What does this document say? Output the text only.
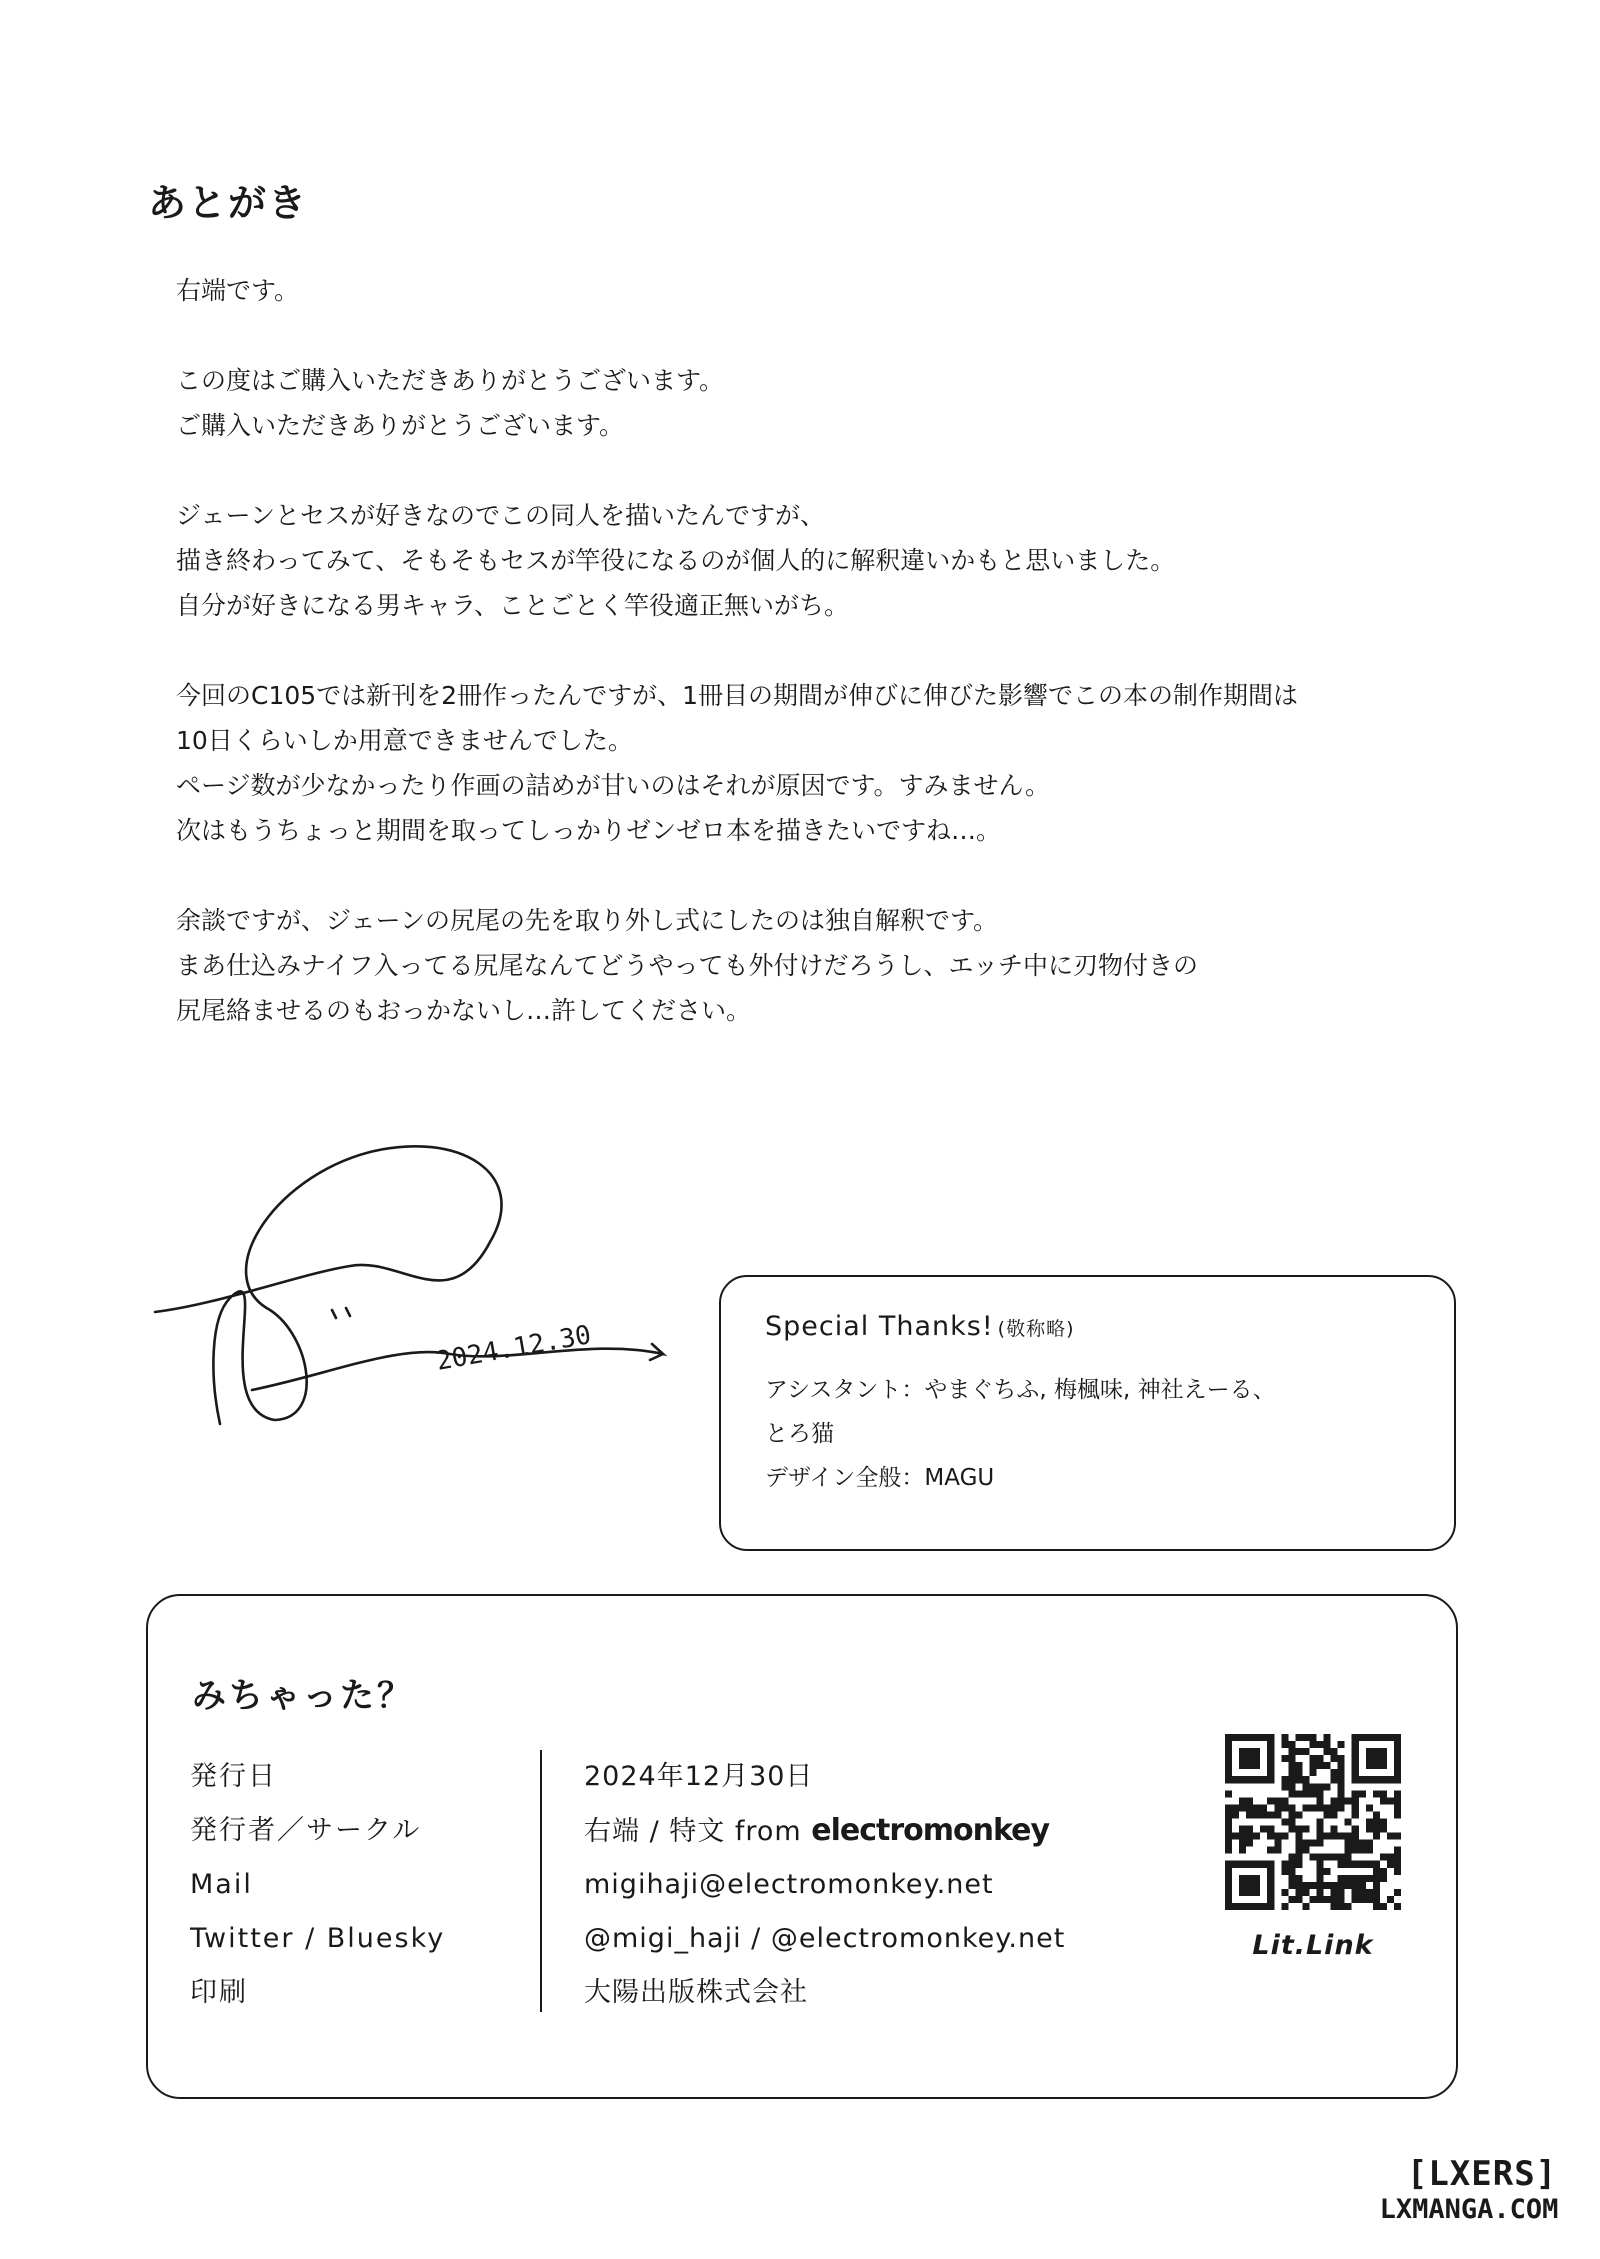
あとがき
右端です。
この度はご購入いただきありがとうございます。
ご購入いただきありがとうございます。
ジェーンとセスが好きなのでこの同人を描いたんですが、
描き終わってみて、そもそもセスが竿役になるのが個人的に解釈違いかもと思いました。
自分が好きになる男キャラ、ことごとく竿役適正無いがち。
今回のC105では新刊を2冊作ったんですが、1冊目の期間が伸びに伸びた影響でこの本の制作期間は
10日くらいしか用意できませんでした。
ページ数が少なかったり作画の詰めが甘いのはそれが原因です。すみません。
次はもうちょっと期間を取ってしっかりゼンゼロ本を描きたいですね…。
余談ですが、ジェーンの尻尾の先を取り外し式にしたのは独自解釈です。
まあ仕込みナイフ入ってる尻尾なんてどうやっても外付けだろうし、エッチ中に刃物付きの
尻尾絡ませるのもおっかないし…許してください。
2024.12.30	Special Thanks! (敬称略)
アシスタント：やまぐちふ, 梅楓味, 神社えーる、
とろ猫
デザイン全般：MAGU
みちゃった？
発行日
発行者／サークル
Mail
Twitter / Bluesky
印刷
2024年12月30日
右端 / 特文 from electromonkey
migihaji@electromonkey.net
@migi_haji / @electromonkey.net
大陽出版株式会社
Lit.Link
[LXERS]
LXMANGA.COM
